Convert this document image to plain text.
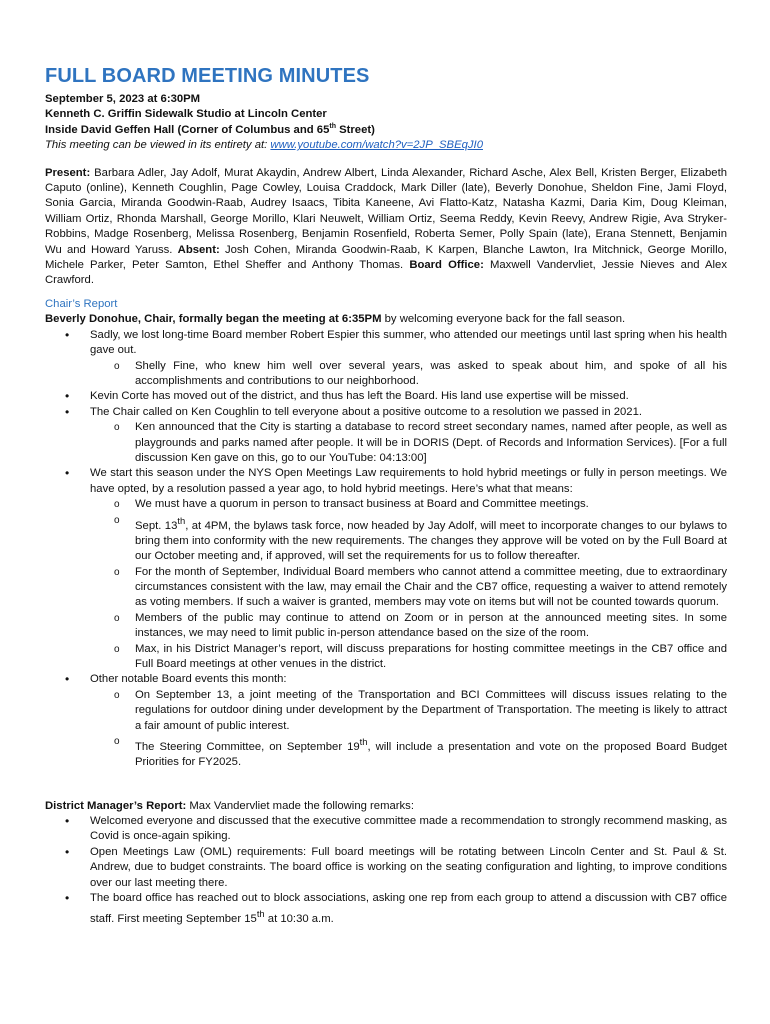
FULL BOARD MEETING MINUTES
September 5, 2023 at 6:30PM
Kenneth C. Griffin Sidewalk Studio at Lincoln Center
Inside David Geffen Hall (Corner of Columbus and 65th Street)
This meeting can be viewed in its entirety at: www.youtube.com/watch?v=2JP_SBEqJI0
Present: Barbara Adler, Jay Adolf, Murat Akaydin, Andrew Albert, Linda Alexander, Richard Asche, Alex Bell, Kristen Berger, Elizabeth Caputo (online), Kenneth Coughlin, Page Cowley, Louisa Craddock, Mark Diller (late), Beverly Donohue, Sheldon Fine, Jami Floyd, Sonia Garcia, Miranda Goodwin-Raab, Audrey Isaacs, Tibita Kaneene, Avi Flatto-Katz, Natasha Kazmi, Daria Kim, Doug Kleiman, William Ortiz, Rhonda Marshall, George Morillo, Klari Neuwelt, William Ortiz, Seema Reddy, Kevin Reevy, Andrew Rigie, Ava Stryker-Robbins, Madge Rosenberg, Melissa Rosenberg, Benjamin Rosenfield, Roberta Semer, Polly Spain (late), Erana Stennett, Benjamin Wu and Howard Yaruss. Absent: Josh Cohen, Miranda Goodwin-Raab, K Karpen, Blanche Lawton, Ira Mitchnick, George Morillo, Michele Parker, Peter Samton, Ethel Sheffer and Anthony Thomas. Board Office: Maxwell Vandervliet, Jessie Nieves and Alex Crawford.
Chair’s Report
Beverly Donohue, Chair, formally began the meeting at 6:35PM by welcoming everyone back for the fall season.
• Sadly, we lost long-time Board member Robert Espier this summer, who attended our meetings until last spring when his health gave out.
o Shelly Fine, who knew him well over several years, was asked to speak about him, and spoke of all his accomplishments and contributions to our neighborhood.
• Kevin Corte has moved out of the district, and thus has left the Board. His land use expertise will be missed.
• The Chair called on Ken Coughlin to tell everyone about a positive outcome to a resolution we passed in 2021.
o Ken announced that the City is starting a database to record street secondary names, named after people, as well as playgrounds and parks named after people. It will be in DORIS (Dept. of Records and Information Services). [For a full discussion Ken gave on this, go to our YouTube: 04:13:00]
• We start this season under the NYS Open Meetings Law requirements to hold hybrid meetings or fully in person meetings. We have opted, by a resolution passed a year ago, to hold hybrid meetings. Here’s what that means:
o We must have a quorum in person to transact business at Board and Committee meetings.
o Sept. 13th, at 4PM, the bylaws task force, now headed by Jay Adolf, will meet to incorporate changes to our bylaws to bring them into conformity with the new requirements. The changes they approve will be voted on by the Full Board at our October meeting and, if approved, will set the requirements for us to follow thereafter.
o For the month of September, Individual Board members who cannot attend a committee meeting, due to extraordinary circumstances consistent with the law, may email the Chair and the CB7 office, requesting a waiver to attend remotely as voting members. If such a waiver is granted, members may vote on items but will not be counted towards quorum.
o Members of the public may continue to attend on Zoom or in person at the announced meeting sites. In some instances, we may need to limit public in-person attendance based on the size of the room.
o Max, in his District Manager’s report, will discuss preparations for hosting committee meetings in the CB7 office and Full Board meetings at other venues in the district.
• Other notable Board events this month:
o On September 13, a joint meeting of the Transportation and BCI Committees will discuss issues relating to the regulations for outdoor dining under development by the Department of Transportation. The meeting is likely to attract a fair amount of public interest.
o The Steering Committee, on September 19th, will include a presentation and vote on the proposed Board Budget Priorities for FY2025.
District Manager’s Report: Max Vandervliet made the following remarks:
• Welcomed everyone and discussed that the executive committee made a recommendation to strongly recommend masking, as Covid is once-again spiking.
• Open Meetings Law (OML) requirements: Full board meetings will be rotating between Lincoln Center and St. Paul & St. Andrew, due to budget constraints. The board office is working on the seating configuration and lighting, to improve conditions over our last meeting there.
• The board office has reached out to block associations, asking one rep from each group to attend a discussion with CB7 office staff. First meeting September 15th at 10:30 a.m.
